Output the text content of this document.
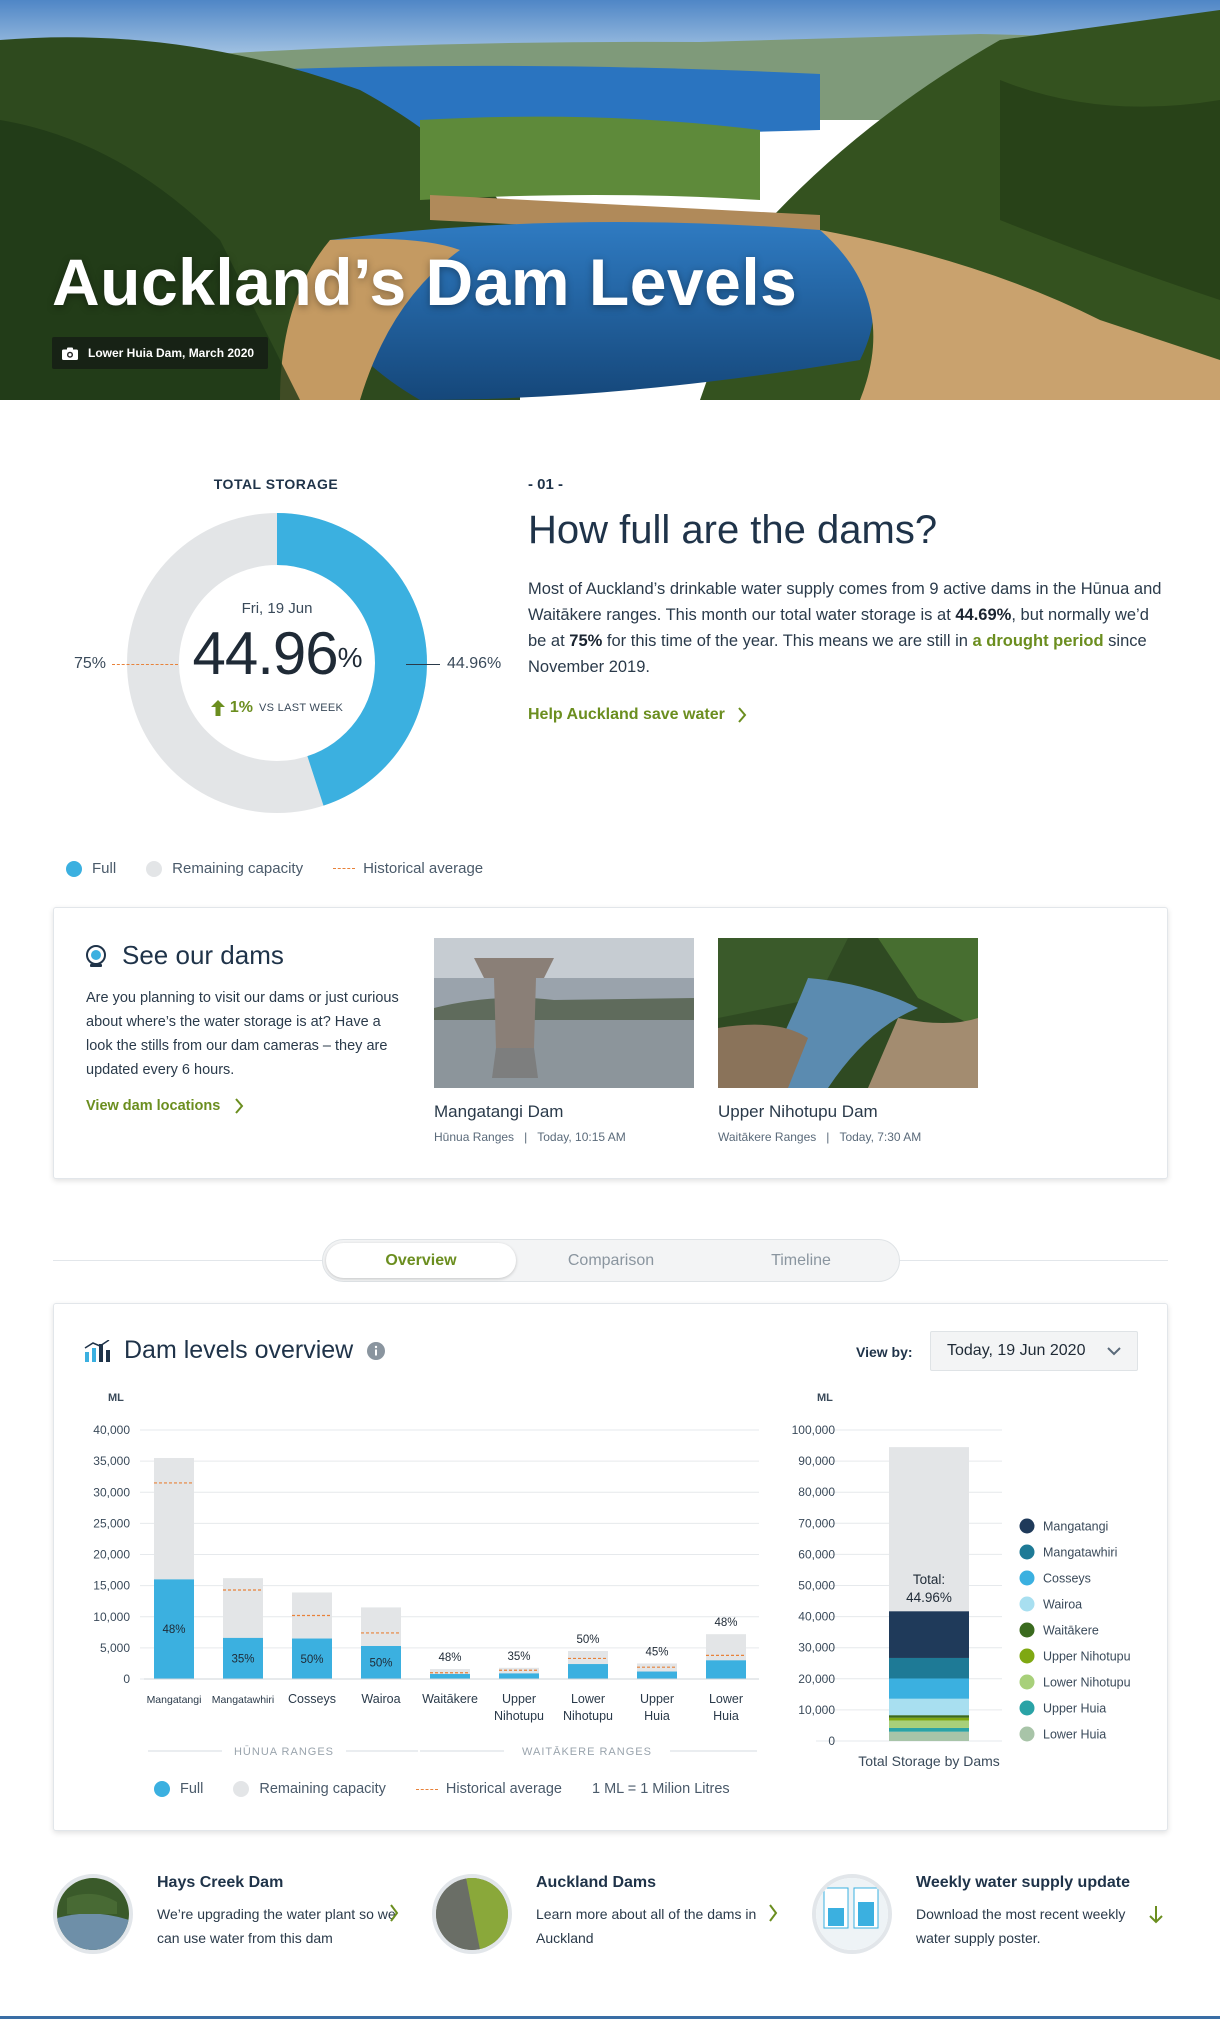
Auckland’s Dam Levels
Lower Huia Dam, March 2020
TOTAL STORAGE
Fri, 19 Jun
44.96%
1% VS LAST WEEK
75%	44.96%
Full	Remaining capacity	Historical average
- 01 -
How full are the dams?
Most of Auckland’s drinkable water supply comes from 9 active dams in the Hūnua and Waitākere ranges. This month our total water storage is at 44.69%, but normally we’d be at 75% for this time of the year. This means we are still in a drought period since November 2019.
Help Auckland save water
See our dams
Are you planning to visit our dams or just curious about where’s the water storage is at? Have a look the stills from our dam cameras – they are updated every 6 hours.
View dam locations	Mangatangi Dam
Hūnua Ranges | Today, 10:15 AM
Upper Nihotupu Dam
Waitākere Ranges | Today, 7:30 AM
Overview	Comparison	Timeline
Dam levels overview	View by: Today, 19 Jun 2020
ML
40,000
35,000
30,000
25,000
20,000
15,000
10,000
5,000
0
48%
Mangatangi
35%
Mangatawhiri
50%
Cosseys
50%
Wairoa
48%
Waitākere
35%
Upper
Nihotupu
50%
Lower
Nihotupu
45%
Upper
Huia
48%
Lower
Huia
HŪNUA RANGES	WAITĀKERE RANGES
ML
100,000
90,000
80,000
70,000
60,000
50,000
40,000
30,000
20,000
10,000
0
Total:
44.96%
Total Storage by Dams
Mangatangi
Mangatawhiri
Cosseys
Wairoa
Waitākere
Upper Nihotupu
Lower Nihotupu
Upper Huia
Lower Huia
Full	Remaining capacity	Historical average 1 ML = 1 Milion Litres
Hays Creek Dam
We’re upgrading the water plant so we can use water from this dam
Auckland Dams
Learn more about all of the dams in Auckland
Weekly water supply update
Download the most recent weekly water supply poster.
